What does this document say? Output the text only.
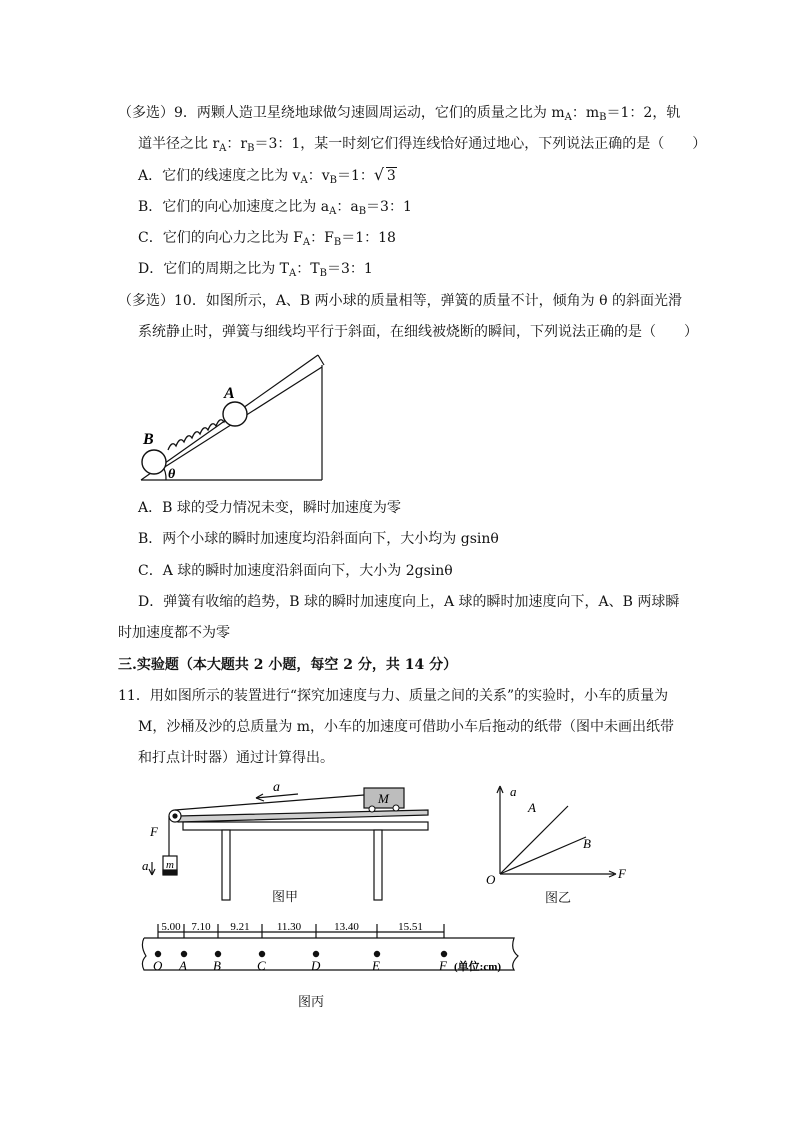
（多选）9．两颗人造卫星绕地球做匀速圆周运动，它们的质量之比为 $m_A$：$m_B=1$：2，轨
道半径之比 $r_A$：$r_B=3$：1，某一时刻它们得连线恰好通过地心，下列说法正确的是（　　）
A．它们的线速度之比为 $v_A$：$v_B=1$：√ 3
B．它们的向心加速度之比为 $a_A$：$a_B=3$：1
C．它们的向心力之比为 $F_A$：$F_B=1$：18
D．它们的周期之比为 $T_A$：$T_B=3$：1
（多选）10．如图所示，A、B 两小球的质量相等，弹簧的质量不计，倾角为 θ 的斜面光滑
系统静止时，弹簧与细线均平行于斜面，在细线被烧断的瞬间，下列说法正确的是（　　）
A
B
θ
A．B 球的受力情况未变，瞬时加速度为零
B．两个小球的瞬时加速度均沿斜面向下，大小均为 gsinθ
C．A 球的瞬时加速度沿斜面向下，大小为 2gsinθ
D．弹簧有收缩的趋势，B 球的瞬时加速度向上，A 球的瞬时加速度向下，A、B 两球瞬
时加速度都不为零
三.实验题（本大题共 2 小题，每空 2 分，共 14 分）
11．用如图所示的装置进行“探究加速度与力、质量之间的关系”的实验时，小车的质量为
M，沙桶及沙的总质量为 m，小车的加速度可借助小车后拖动的纸带（图中未画出纸带
和打点计时器）通过计算得出。
a
M
F
m
a
图甲
a
F
O
A
B
图乙
O A B	C	D	E	F
5.00 7.10 9.21 11.30	13.40	15.51
(单位:cm)
图丙
